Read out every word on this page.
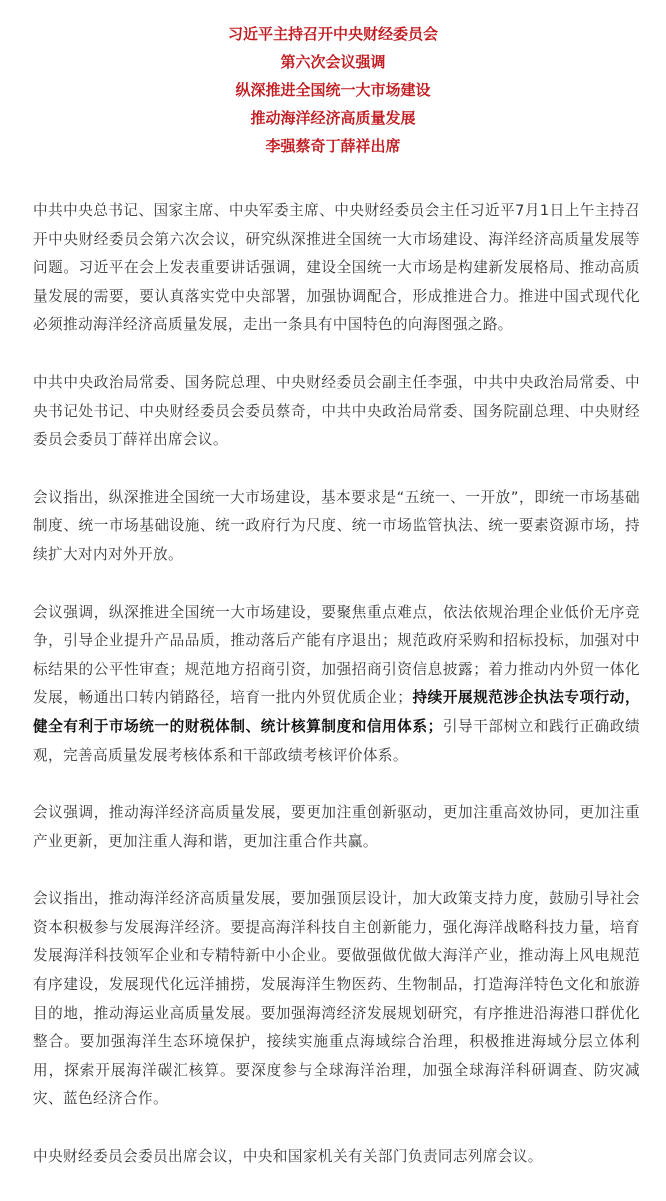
习近平主持召开中央财经委员会
第六次会议强调
纵深推进全国统一大市场建设
推动海洋经济高质量发展
李强蔡奇丁薛祥出席

中共中央总书记、国家主席、中央军委主席、中央财经委员会主任习近平7月1日上午主持召开中央财经委员会第六次会议，研究纵深推进全国统一大市场建设、海洋经济高质量发展等问题。习近平在会上发表重要讲话强调，建设全国统一大市场是构建新发展格局、推动高质量发展的需要，要认真落实党中央部署，加强协调配合，形成推进合力。推进中国式现代化必须推动海洋经济高质量发展，走出一条具有中国特色的向海图强之路。

中共中央政治局常委、国务院总理、中央财经委员会副主任李强，中共中央政治局常委、中央书记处书记、中央财经委员会委员蔡奇，中共中央政治局常委、国务院副总理、中央财经委员会委员丁薛祥出席会议。

会议指出，纵深推进全国统一大市场建设，基本要求是“五统一、一开放”，即统一市场基础制度、统一市场基础设施、统一政府行为尺度、统一市场监管执法、统一要素资源市场，持续扩大对内对外开放。

会议强调，纵深推进全国统一大市场建设，要聚焦重点难点，依法依规治理企业低价无序竞争，引导企业提升产品品质，推动落后产能有序退出；规范政府采购和招标投标，加强对中标结果的公平性审查；规范地方招商引资，加强招商引资信息披露；着力推动内外贸一体化发展，畅通出口转内销路径，培育一批内外贸优质企业；持续开展规范涉企执法专项行动，健全有利于市场统一的财税体制、统计核算制度和信用体系；引导干部树立和践行正确政绩观，完善高质量发展考核体系和干部政绩考核评价体系。

会议强调，推动海洋经济高质量发展，要更加注重创新驱动，更加注重高效协同，更加注重产业更新，更加注重人海和谐，更加注重合作共赢。

会议指出，推动海洋经济高质量发展，要加强顶层设计，加大政策支持力度，鼓励引导社会资本积极参与发展海洋经济。要提高海洋科技自主创新能力，强化海洋战略科技力量，培育发展海洋科技领军企业和专精特新中小企业。要做强做优做大海洋产业，推动海上风电规范有序建设，发展现代化远洋捕捞，发展海洋生物医药、生物制品，打造海洋特色文化和旅游目的地，推动海运业高质量发展。要加强海湾经济发展规划研究，有序推进沿海港口群优化整合。要加强海洋生态环境保护，接续实施重点海域综合治理，积极推进海域分层立体利用，探索开展海洋碳汇核算。要深度参与全球海洋治理，加强全球海洋科研调查、防灾减灾、蓝色经济合作。

中央财经委员会委员出席会议，中央和国家机关有关部门负责同志列席会议。
